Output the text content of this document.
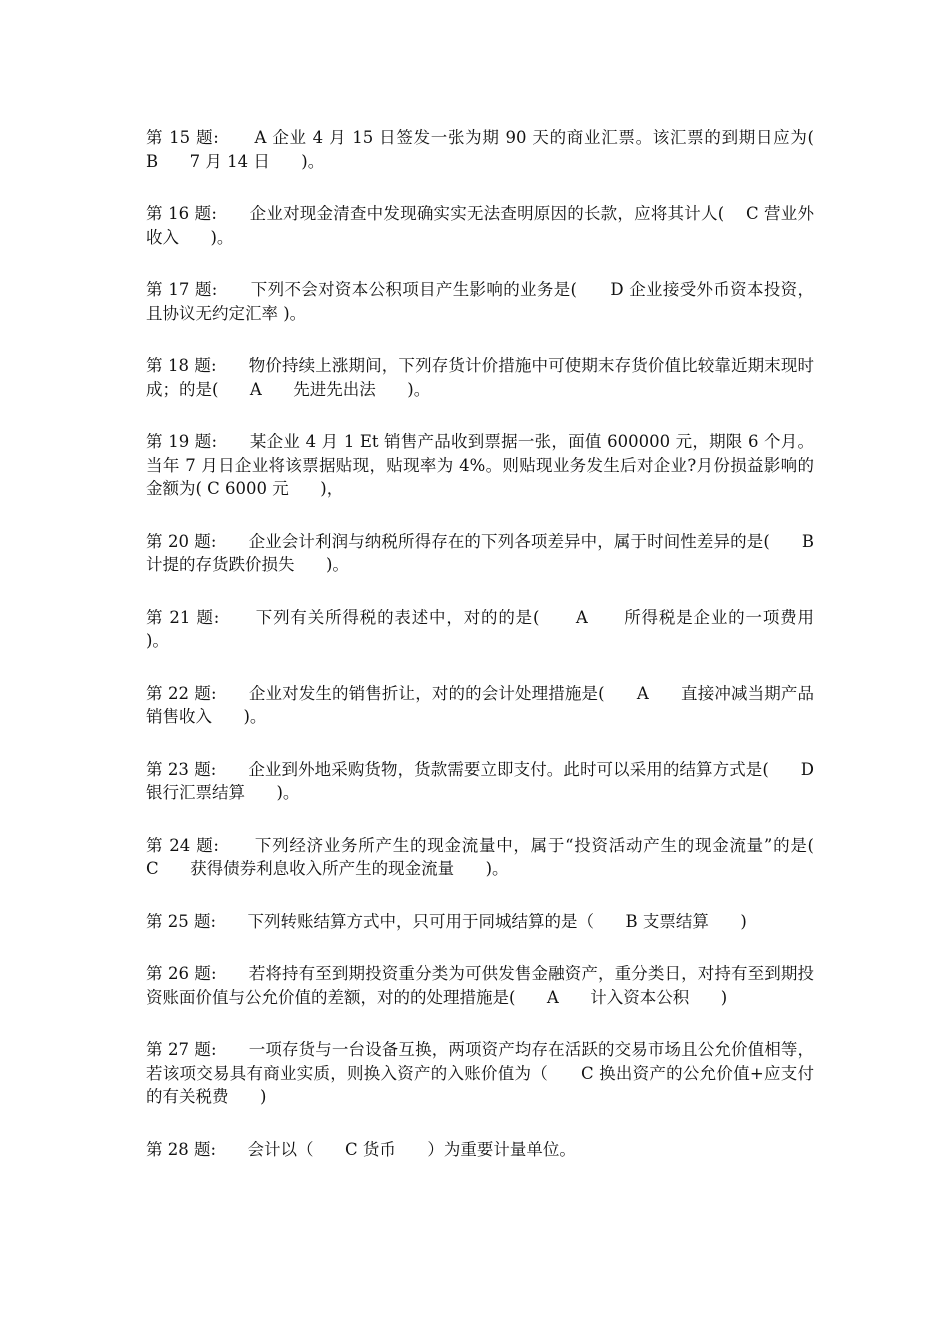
第 15 题:      A 企业 4 月 15 日签发一张为期 90 天的商业汇票。该汇票的到期日应为(      B      7 月 14 日      )。

第 16 题:      企业对现金清查中发现确实实无法查明原因的长款，应将其计人(    C 营业外收入      )。

第 17 题:      下列不会对资本公积项目产生影响的业务是(      D 企业接受外币资本投资，且协议无约定汇率 )。

第 18 题:      物价持续上涨期间，下列存货计价措施中可使期末存货价值比较靠近期末现时成；的是(      A      先进先出法      )。

第 19 题:      某企业 4 月 1 Et 销售产品收到票据一张，面值 600000 元，期限 6 个月。当年 7 月日企业将该票据贴现，贴现率为 4%。则贴现业务发生后对企业?月份损益影响的金额为( C 6000 元      )，

第 20 题:      企业会计利润与纳税所得存在的下列各项差异中，属于时间性差异的是(      B      计提的存货跌价损失      )。

第 21 题:      下列有关所得税的表述中，对的的是(      A      所得税是企业的一项费用      )。

第 22 题:      企业对发生的销售折让，对的的会计处理措施是(      A      直接冲减当期产品销售收入      )。

第 23 题:      企业到外地采购货物，货款需要立即支付。此时可以采用的结算方式是(      D      银行汇票结算      )。

第 24 题:      下列经济业务所产生的现金流量中，属于“投资活动产生的现金流量”的是(      C      获得债券利息收入所产生的现金流量      )。

第 25 题:      下列转账结算方式中，只可用于同城结算的是（      B 支票结算      )

第 26 题:      若将持有至到期投资重分类为可供发售金融资产，重分类日，对持有至到期投资账面价值与公允价值的差额，对的的处理措施是(      A      计入资本公积      )

第 27 题:      一项存货与一台设备互换，两项资产均存在活跃的交易市场且公允价值相等，若该项交易具有商业实质，则换入资产的入账价值为（      C 换出资产的公允价值+应支付的有关税费      )

第 28 题:      会计以（      C 货币      ）为重要计量单位。
